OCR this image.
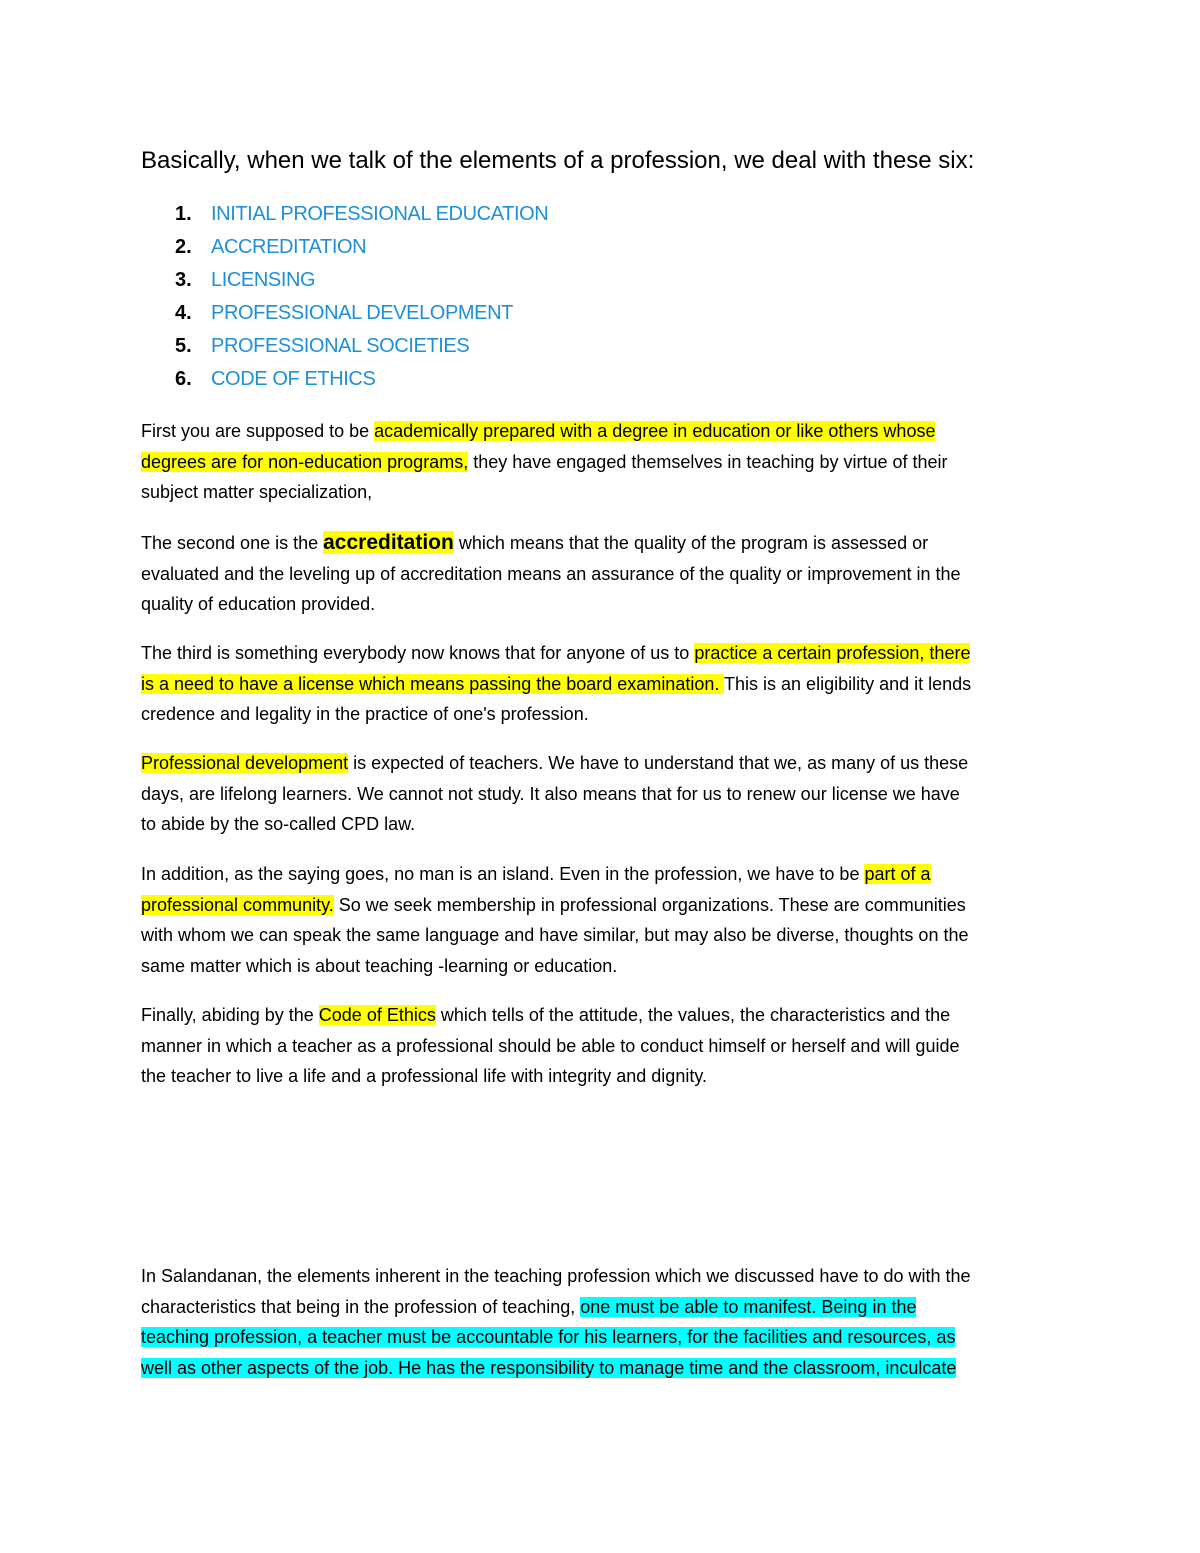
Basically, when we talk of the elements of a profession, we deal with these six:
1. INITIAL PROFESSIONAL EDUCATION
2. ACCREDITATION
3. LICENSING
4. PROFESSIONAL DEVELOPMENT
5. PROFESSIONAL SOCIETIES
6. CODE OF ETHICS

First you are supposed to be academically prepared with a degree in education or like others whose
degrees are for non-education programs, they have engaged themselves in teaching by virtue of their
subject matter specialization,

The second one is the accreditation which means that the quality of the program is assessed or
evaluated and the leveling up of accreditation means an assurance of the quality or improvement in the
quality of education provided.

The third is something everybody now knows that for anyone of us to practice a certain profession, there
is a need to have a license which means passing the board examination. This is an eligibility and it lends
credence and legality in the practice of one's profession.

Professional development is expected of teachers. We have to understand that we, as many of us these
days, are lifelong learners. We cannot not study. It also means that for us to renew our license we have
to abide by the so-called CPD law.

In addition, as the saying goes, no man is an island. Even in the profession, we have to be part of a
professional community. So we seek membership in professional organizations. These are communities
with whom we can speak the same language and have similar, but may also be diverse, thoughts on the
same matter which is about teaching -learning or education.

Finally, abiding by the Code of Ethics which tells of the attitude, the values, the characteristics and the
manner in which a teacher as a professional should be able to conduct himself or herself and will guide
the teacher to live a life and a professional life with integrity and dignity.

In Salandanan, the elements inherent in the teaching profession which we discussed have to do with the
characteristics that being in the profession of teaching, one must be able to manifest. Being in the
teaching profession, a teacher must be accountable for his learners, for the facilities and resources, as
well as other aspects of the job. He has the responsibility to manage time and the classroom, inculcate
